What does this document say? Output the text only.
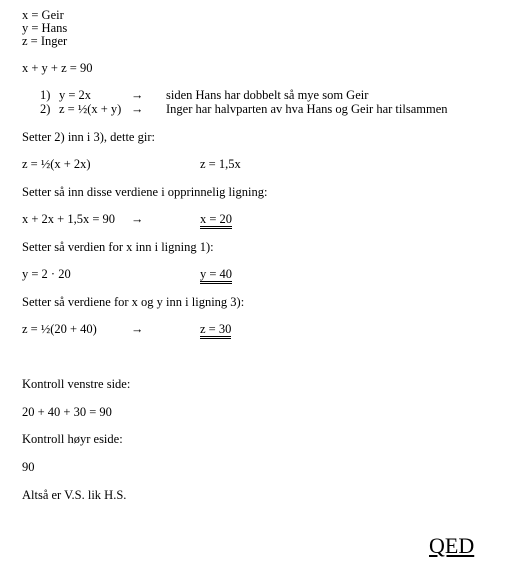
x = Geir
y = Hans
z = Inger
x + y + z = 90
1) y = 2x	→ siden Hans har dobbelt så mye som Geir
2) z = ½(x + y) → Inger har halvparten av hva Hans og Geir har tilsammen
Setter 2) inn i 3), dette gir:
z = ½(x + 2x)	z = 1,5x
Setter så inn disse verdiene i opprinnelig ligning:
x + 2x + 1,5x = 90 →	x = 20
Setter så verdien for x inn i ligning 1):
y = 2 · 20	y = 40
Setter så verdiene for x og y inn i ligning 3):
z = ½(20 + 40)	→	z = 30
Kontroll venstre side:
20 + 40 + 30 = 90
Kontroll høyr eside:
90
Altså er V.S. lik H.S.
QED
